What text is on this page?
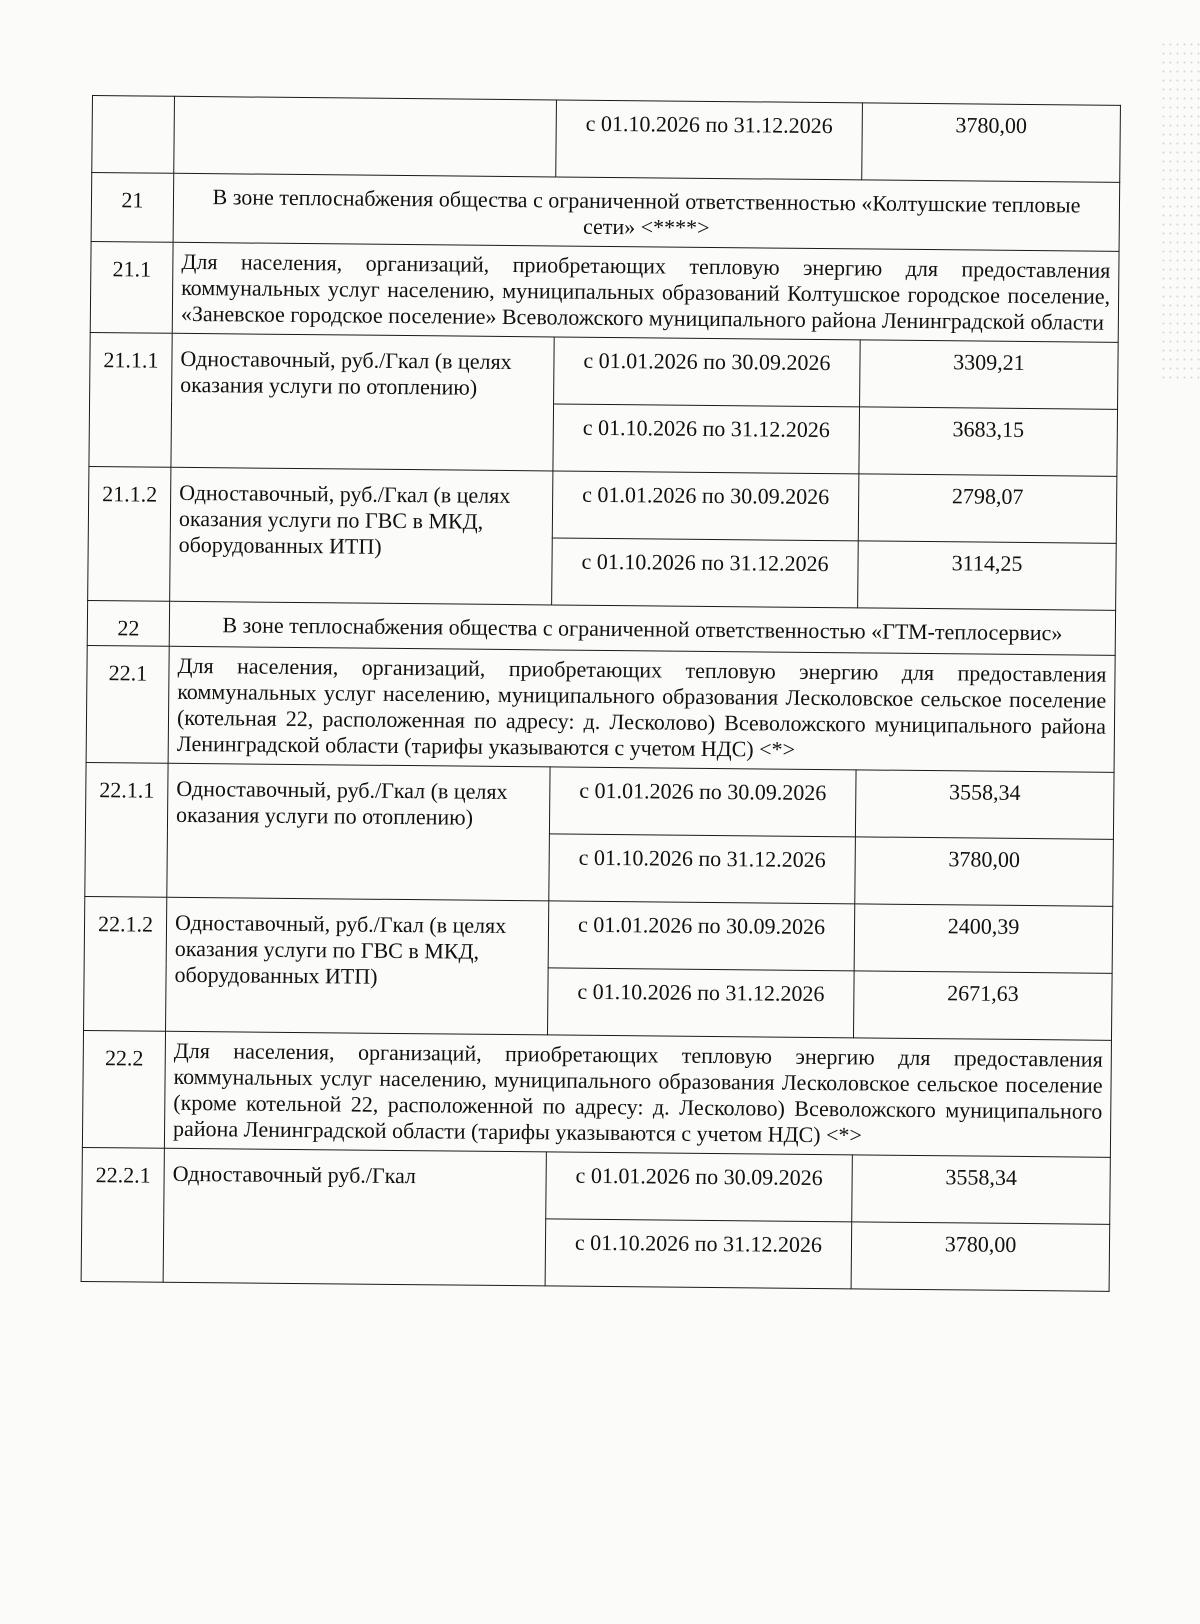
		с 01.10.2026 по 31.12.2026	3780,00
21	В зоне теплоснабжения общества с ограниченной ответственностью «Колтушские тепловые сети» <****>		
21.1	Для населения, организаций, приобретающих тепловую энергию для предоставления коммунальных услуг населению, муниципальных образований Колтушское городское поселение, «Заневское городское поселение» Всеволожского муниципального района Ленинградской области		

21.1.1	Одноставочный, руб./Гкал (в целях оказания услуги по отоплению)	с 01.01.2026 по 30.09.2026	3309,21
		с 01.10.2026 по 31.12.2026	3683,15
21.1.2	Одноставочный, руб./Гкал (в целях оказания услуги по ГВС в МКД, оборудованных ИТП)	с 01.01.2026 по 30.09.2026	2798,07
		с 01.10.2026 по 31.12.2026	3114,25
22	В зоне теплоснабжения общества с ограниченной ответственностью «ГТМ-теплосервис»		
22.1	Для населения, организаций, приобретающих тепловую энергию для предоставления коммунальных услуг населению, муниципального образования Лесколовское сельское поселение (котельная 22, расположенная по адресу: д. Лесколово) Всеволожского муниципального района Ленинградской области (тарифы указываются с учетом НДС) <*>		

22.1.1	Одноставочный, руб./Гкал (в целях оказания услуги по отоплению)	с 01.01.2026 по 30.09.2026	3558,34
		с 01.10.2026 по 31.12.2026	3780,00
22.1.2	Одноставочный, руб./Гкал (в целях оказания услуги по ГВС в МКД, оборудованных ИТП)	с 01.01.2026 по 30.09.2026	2400,39
		с 01.10.2026 по 31.12.2026	2671,63
22.2	Для населения, организаций, приобретающих тепловую энергию для предоставления коммунальных услуг населению, муниципального образования Лесколовское сельское поселение (кроме котельной 22, расположенной по адресу: д. Лесколово) Всеволожского муниципального района Ленинградской области (тарифы указываются с учетом НДС) <*>		

22.2.1	Одноставочный руб./Гкал	с 01.01.2026 по 30.09.2026	3558,34
		с 01.10.2026 по 31.12.2026	3780,00
